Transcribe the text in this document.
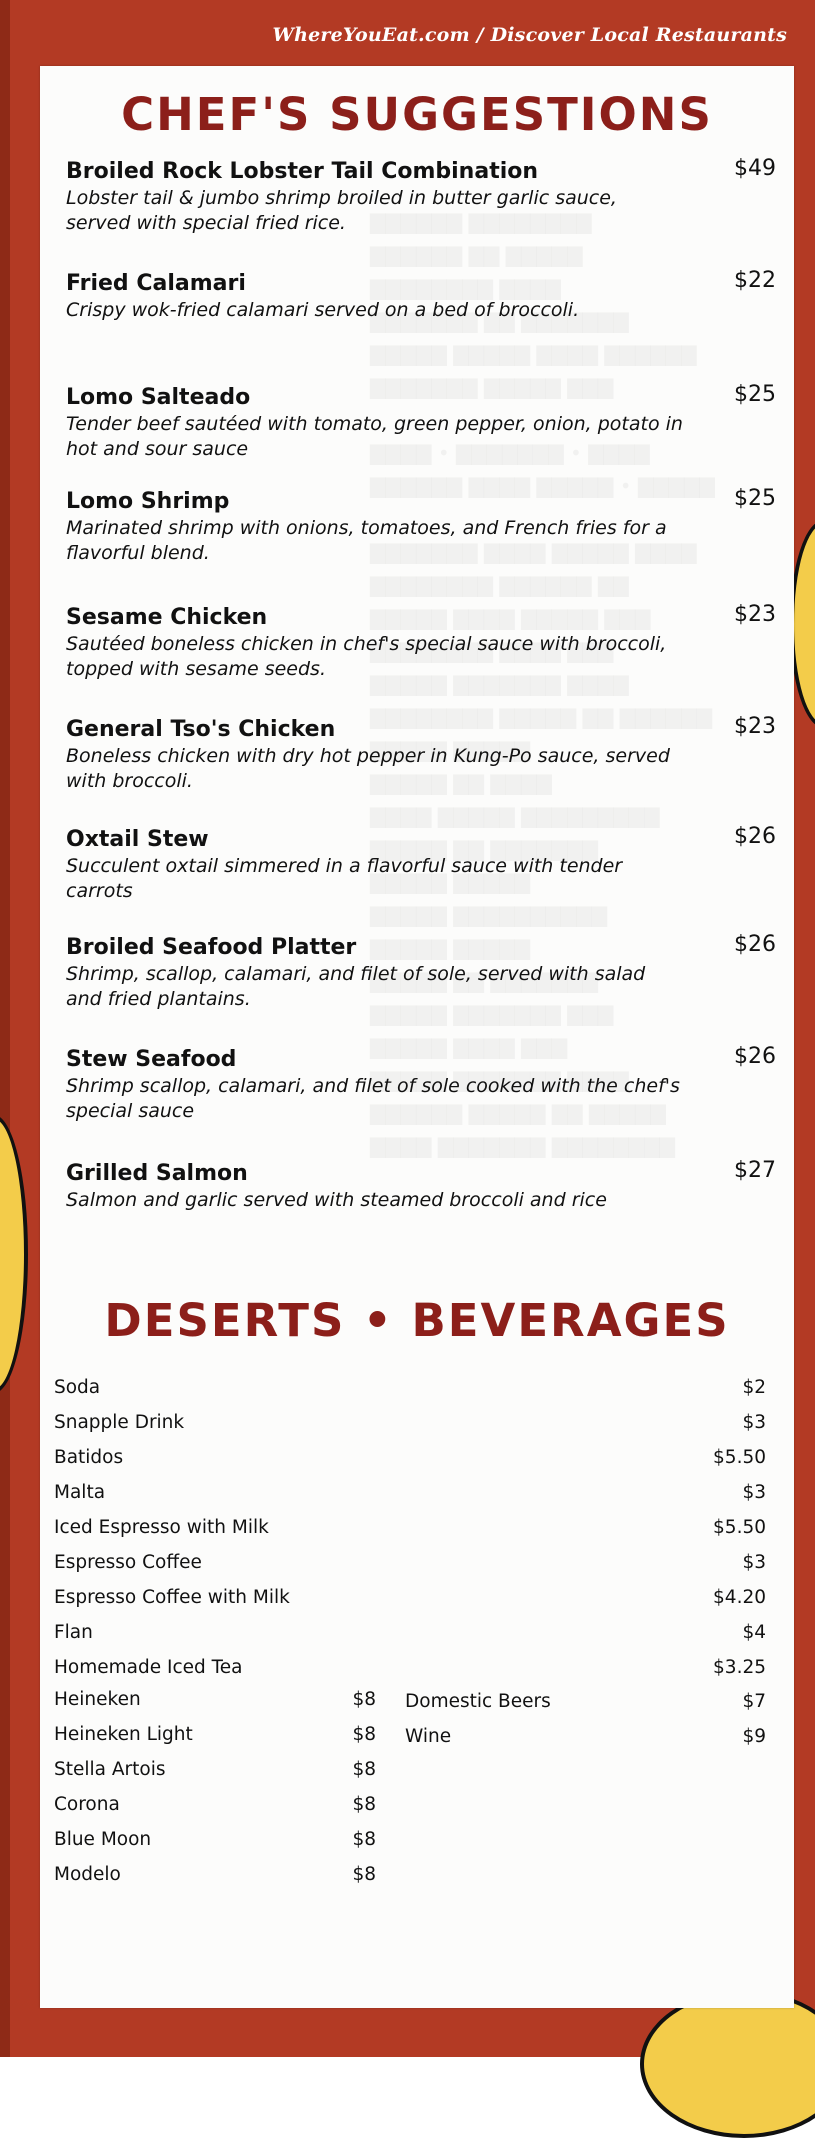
WhereYouEat.com / Discover Local Restaurants

CHEF'S SUGGESTIONS
Broiled Rock Lobster Tail Combination	$49
Lobster tail & jumbo shrimp broiled in butter garlic sauce, served with special fried rice.
Fried Calamari	$22
Crispy wok-fried calamari served on a bed of broccoli.
Lomo Salteado	$25
Tender beef sautéed with tomato, green pepper, onion, potato in hot and sour sauce
Lomo Shrimp	$25
Marinated shrimp with onions, tomatoes, and French fries for a flavorful blend.
Sesame Chicken	$23
Sautéed boneless chicken in chef's special sauce with broccoli, topped with sesame seeds.
General Tso's Chicken	$23
Boneless chicken with dry hot pepper in Kung-Po sauce, served with broccoli.
Oxtail Stew	$26
Succulent oxtail simmered in a flavorful sauce with tender carrots
Broiled Seafood Platter	$26
Shrimp, scallop, calamari, and filet of sole, served with salad and fried plantains.
Stew Seafood	$26
Shrimp scallop, calamari, and filet of sole cooked with the chef's special sauce
Grilled Salmon	$27
Salmon and garlic served with steamed broccoli and rice
DESERTS • BEVERAGES
Soda	$2
Snapple Drink	$3
Batidos	$5.50
Malta	$3
Iced Espresso with Milk	$5.50
Espresso Coffee	$3
Espresso Coffee with Milk	$4.20
Flan	$4
Homemade Iced Tea	$3.25
Heineken	$8
Heineken Light	$8
Stella Artois	$8
Corona	$8
Blue Moon	$8
Modelo	$8
Domestic Beers	$7
Wine	$9
